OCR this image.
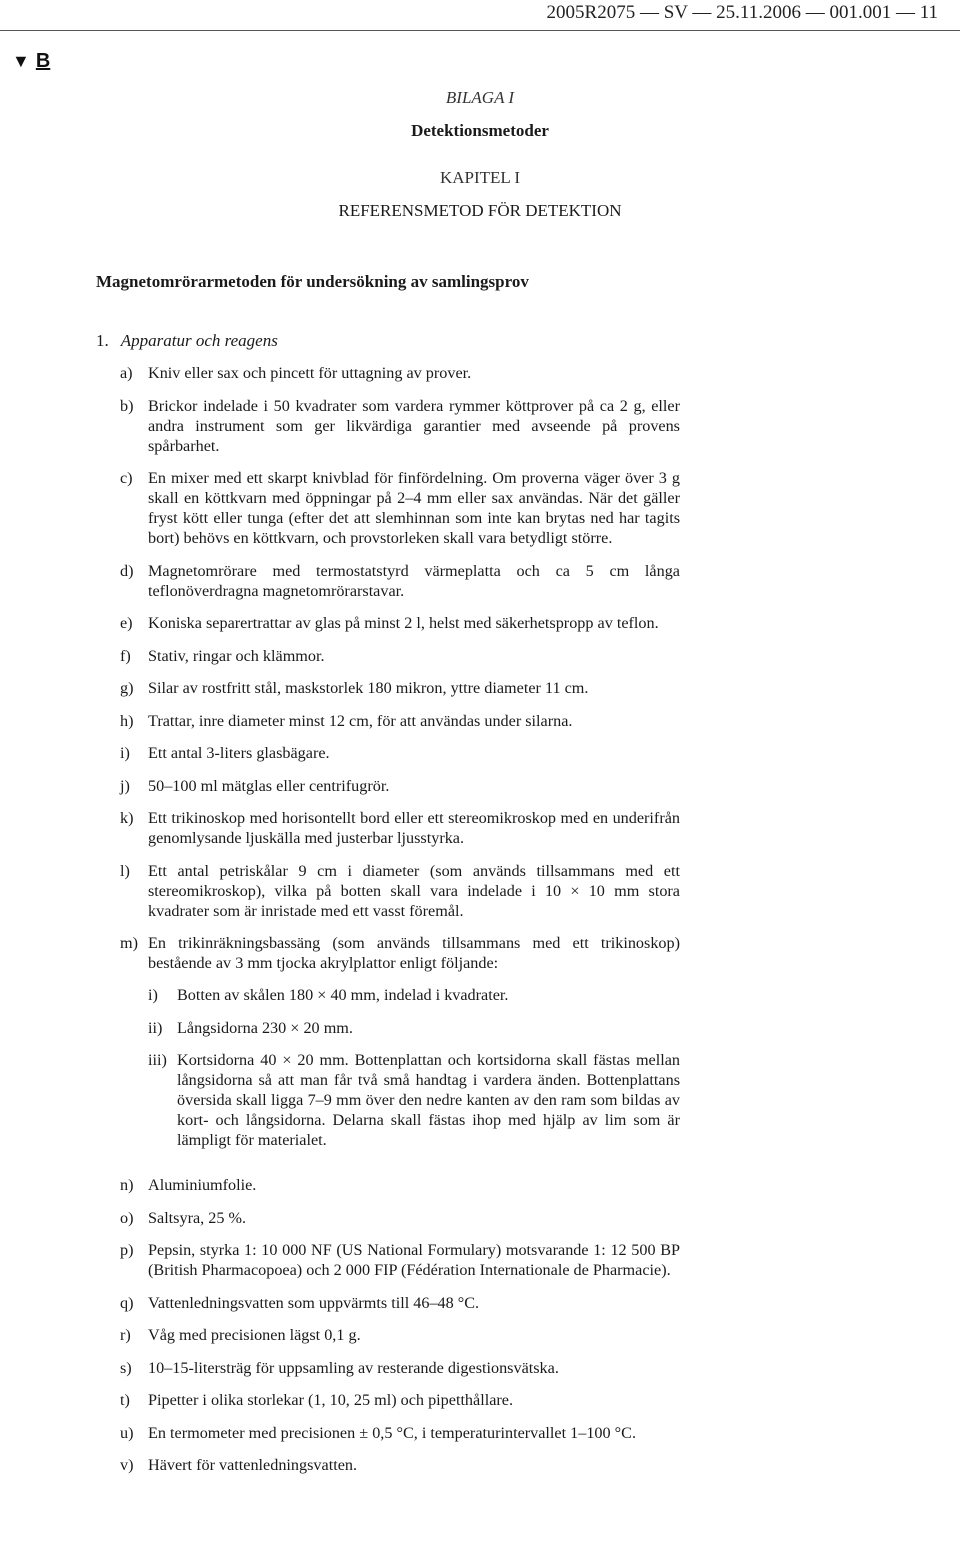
2005R2075 — SV — 25.11.2006 — 001.001 — 11
▼ B
BILAGA I
Detektionsmetoder
KAPITEL I
REFERENSMETOD FÖR DETEKTION
Magnetomrörarmetoden för undersökning av samlingsprov
1. Apparatur och reagens
a) Kniv eller sax och pincett för uttagning av prover.
b) Brickor indelade i 50 kvadrater som vardera rymmer köttprover på ca 2 g, eller andra instrument som ger likvärdiga garantier med avseende på provens spårbarhet.
c) En mixer med ett skarpt knivblad för finfördelning. Om proverna väger över 3 g skall en köttkvarn med öppningar på 2–4 mm eller sax användas. När det gäller fryst kött eller tunga (efter det att slemhinnan som inte kan brytas ned har tagits bort) behövs en köttkvarn, och provstorleken skall vara betydligt större.
d) Magnetomrörare med termostatstyrd värmeplatta och ca 5 cm långa teflonöverdragna magnetomrörarstavar.
e) Koniska separertrattar av glas på minst 2 l, helst med säkerhetspropp av teflon.
f)	Stativ, ringar och klämmor.
g) Silar av rostfritt stål, maskstorlek 180 mikron, yttre diameter 11 cm.
h) Trattar, inre diameter minst 12 cm, för att användas under silarna.
i)	Ett antal 3-liters glasbägare.
j)	50–100 ml mätglas eller centrifugrör.
k) Ett trikinoskop med horisontellt bord eller ett stereomikroskop med en underifrån genomlysande ljuskälla med justerbar ljusstyrka.
l)	Ett antal petriskålar 9 cm i diameter (som används tillsammans med ett stereomikroskop), vilka på botten skall vara indelade i 10 × 10 mm stora kvadrater som är inristade med ett vasst föremål.
m) En trikinräkningsbassäng (som används tillsammans med ett trikinoskop) bestående av 3 mm tjocka akrylplattor enligt följande:
i)	Botten av skålen 180 × 40 mm, indelad i kvadrater.
ii) Långsidorna 230 × 20 mm.
iii) Kortsidorna 40 × 20 mm. Bottenplattan och kortsidorna skall fästas mellan långsidorna så att man får två små handtag i vardera änden. Bottenplattans översida skall ligga 7–9 mm över den nedre kanten av den ram som bildas av kort- och långsidorna. Delarna skall fästas ihop med hjälp av lim som är lämpligt för materialet.
n) Aluminiumfolie.
o) Saltsyra, 25 %.
p) Pepsin, styrka 1: 10 000 NF (US National Formulary) motsvarande 1: 12 500 BP (British Pharmacopoea) och 2 000 FIP (Fédération Internationale de Pharmacie).
q) Vattenledningsvatten som uppvärmts till 46–48 °C.
r)	Våg med precisionen lägst 0,1 g.
s)	10–15-litersträg för uppsamling av resterande digestionsvätska.
t)	Pipetter i olika storlekar (1, 10, 25 ml) och pipetthållare.
u) En termometer med precisionen ± 0,5 °C, i temperaturintervallet 1–100 °C.
v) Hävert för vattenledningsvatten.
